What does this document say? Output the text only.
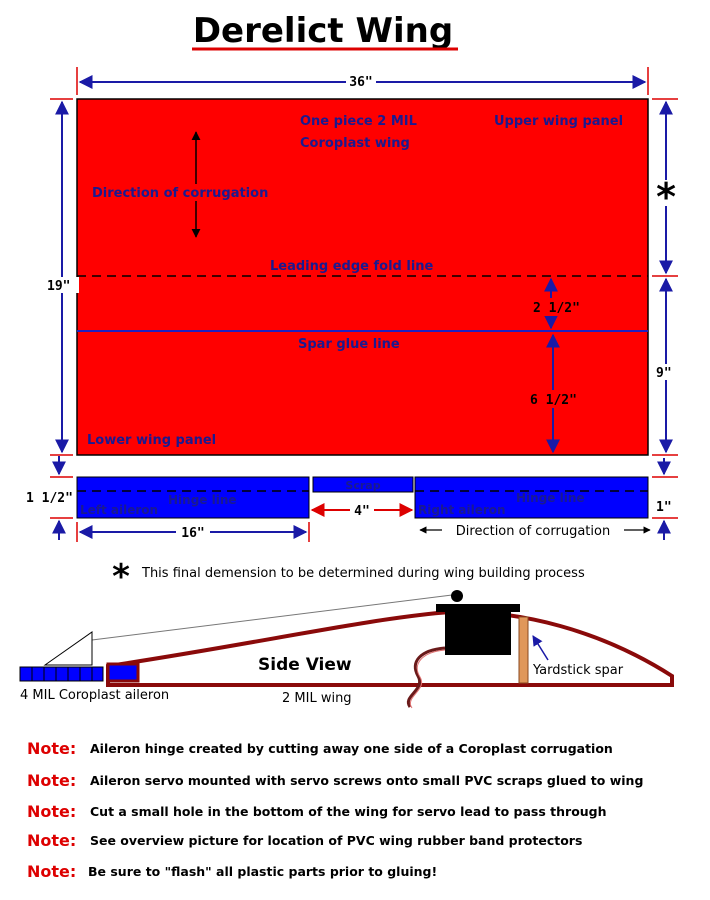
Derelict Wing
36"
One piece 2 MIL
Coroplast wing
Upper wing panel
Direction of corrugation
Leading edge fold line
Spar glue line
Lower wing panel
2 1/2"
6 1/2"
19"
*
9"
1 1/2"	Hinge line
Left aileron
Scrap
Hinge line
Right aileron
4"	1"
16"	Direction of corrugation
* This final demension to be determined during wing building process
Yardstick spar
Side View
4 MIL Coroplast aileron	2 MIL wing
Note: Aileron hinge created by cutting away one side of a Coroplast corrugation
Note: Aileron servo mounted with servo screws onto small PVC scraps glued to wing
Note: Cut a small hole in the bottom of the wing for servo lead to pass through
Note: See overview picture for location of PVC wing rubber band protectors
Note: Be sure to "flash" all plastic parts prior to gluing!
